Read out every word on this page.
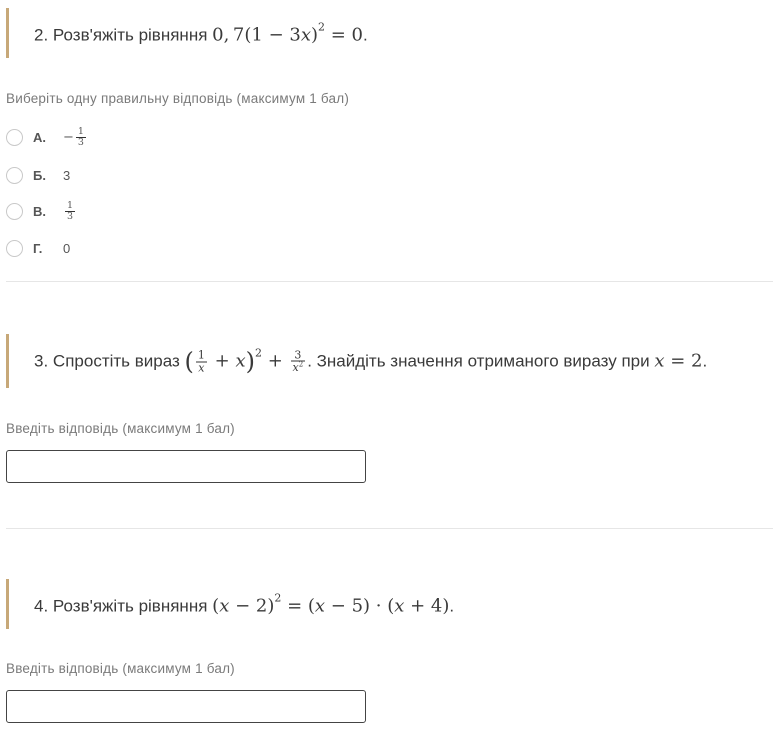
2. Розв'яжіть рівняння 0, $7(1 - 3x)^2 = 0$.
Виберіть одну правильну відповідь (максимум 1 бал)
А.	− $\frac{1}{3}$
Б.	3
В.	$\frac{1}{3}$
Г.	0
3. Спростіть вираз ( $\frac{1}{x} + x)^2 + \frac{3}{x^2}$ . Знайдіть значення отриманого виразу при x = 2.
Введіть відповідь (максимум 1 бал)
4. Розв'яжіть рівняння $(x - 2)^2 = (x - 5) \cdot (x + 4)$.
Введіть відповідь (максимум 1 бал)
